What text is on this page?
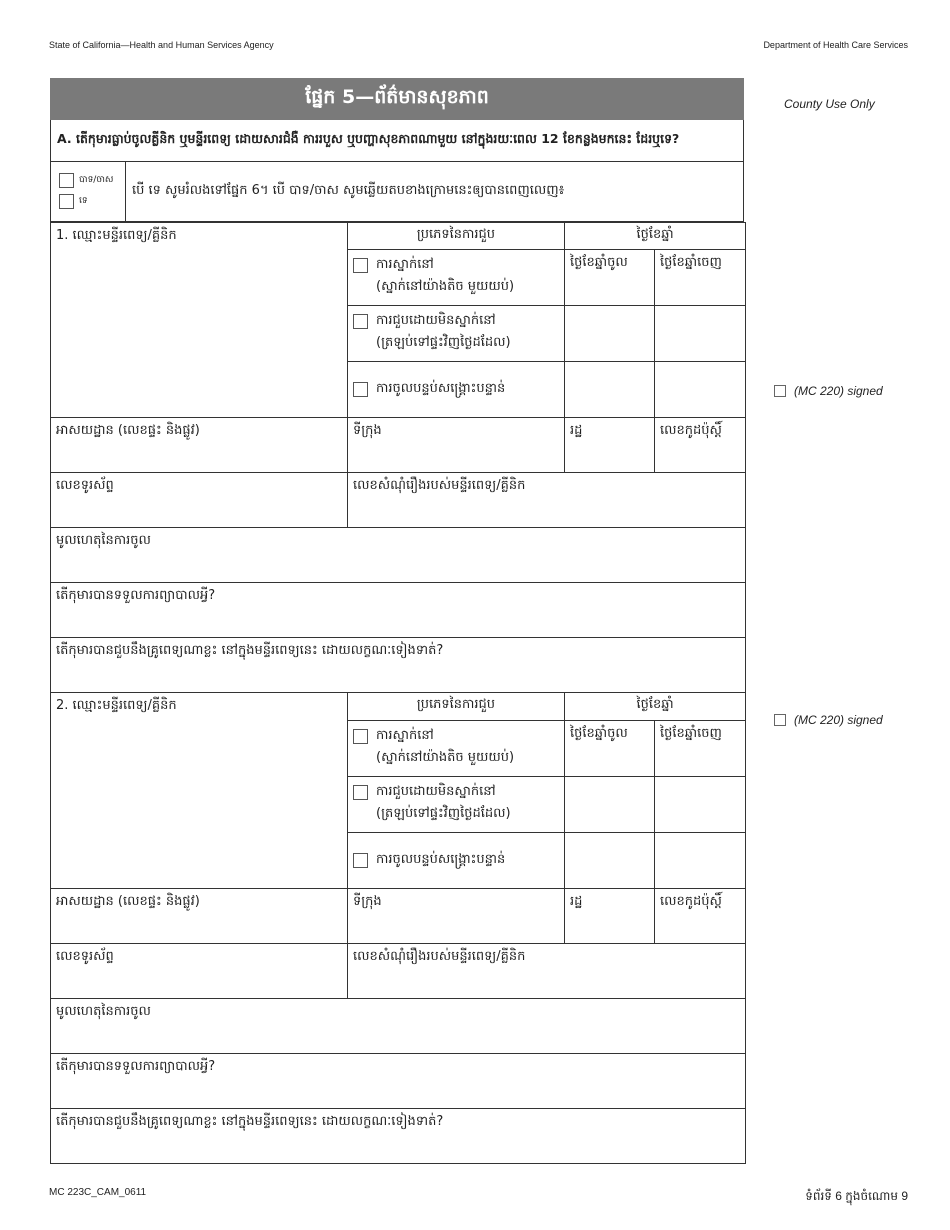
State of California—Health and Human Services Agency	Department of Health Care Services
County Use Only
(MC 220) signed
(MC 220) signed
ផ្នែក 5—ព័ត៌មានសុខភាព
A. តើកុមារធ្លាប់ចូលគ្លីនិក ឬមន្ទីរពេទ្យ ដោយសារជំងឺ ការរបួស ឬបញ្ហាសុខភាពណាមួយ នៅក្នុងរយៈពេល 12 ខែកន្លងមកនេះ ដែរឬទេ?
បាទ/ចាស
ទេ
បើ ទេ សូមរំលងទៅផ្នែក 6។ បើ បាទ/ចាស សូមឆ្លើយតបខាងក្រោមនេះឲ្យបានពេញលេញ៖
1. ឈ្មោះមន្ទីរពេទ្យ/គ្លីនិក	ប្រភេទនៃការជួប	ថ្ងៃខែឆ្នាំ	

	ការស្នាក់នៅ
(ស្នាក់នៅយ៉ាងតិច មួយយប់)	ថ្ងៃខែឆ្នាំចូល	ថ្ងៃខែឆ្នាំចេញ

	ការជួបដោយមិនស្នាក់នៅ
(ត្រឡប់ទៅផ្ទះវិញថ្ងៃដដែល)		

	ការចូលបន្ទប់សង្គ្រោះបន្ទាន់		

អាសយដ្ឋាន (លេខផ្ទះ និងផ្លូវ)	ទីក្រុង	រដ្ឋ	លេខកូដប៉ុស្តិ៍
លេខទូរស័ព្ទ	លេខសំណុំរឿងរបស់មន្ទីរពេទ្យ/គ្លីនិក		
មូលហេតុនៃការចូល			
តើកុមារបានទទួលការព្យាបាលអ្វី?			
តើកុមារបានជួបនឹងគ្រូពេទ្យណាខ្លះ នៅក្នុងមន្ទីរពេទ្យនេះ ដោយលក្ខណៈទៀងទាត់?			
2. ឈ្មោះមន្ទីរពេទ្យ/គ្លីនិក	ប្រភេទនៃការជួប	ថ្ងៃខែឆ្នាំ	

	ការស្នាក់នៅ
(ស្នាក់នៅយ៉ាងតិច មួយយប់)	ថ្ងៃខែឆ្នាំចូល	ថ្ងៃខែឆ្នាំចេញ

	ការជួបដោយមិនស្នាក់នៅ
(ត្រឡប់ទៅផ្ទះវិញថ្ងៃដដែល)		

	ការចូលបន្ទប់សង្គ្រោះបន្ទាន់		

អាសយដ្ឋាន (លេខផ្ទះ និងផ្លូវ)	ទីក្រុង	រដ្ឋ	លេខកូដប៉ុស្តិ៍
លេខទូរស័ព្ទ	លេខសំណុំរឿងរបស់មន្ទីរពេទ្យ/គ្លីនិក		
មូលហេតុនៃការចូល			
តើកុមារបានទទួលការព្យាបាលអ្វី?			
តើកុមារបានជួបនឹងគ្រូពេទ្យណាខ្លះ នៅក្នុងមន្ទីរពេទ្យនេះ ដោយលក្ខណៈទៀងទាត់?			
MC 223C_CAM_0611	ទំព័រទី 6 ក្នុងចំណោម 9
